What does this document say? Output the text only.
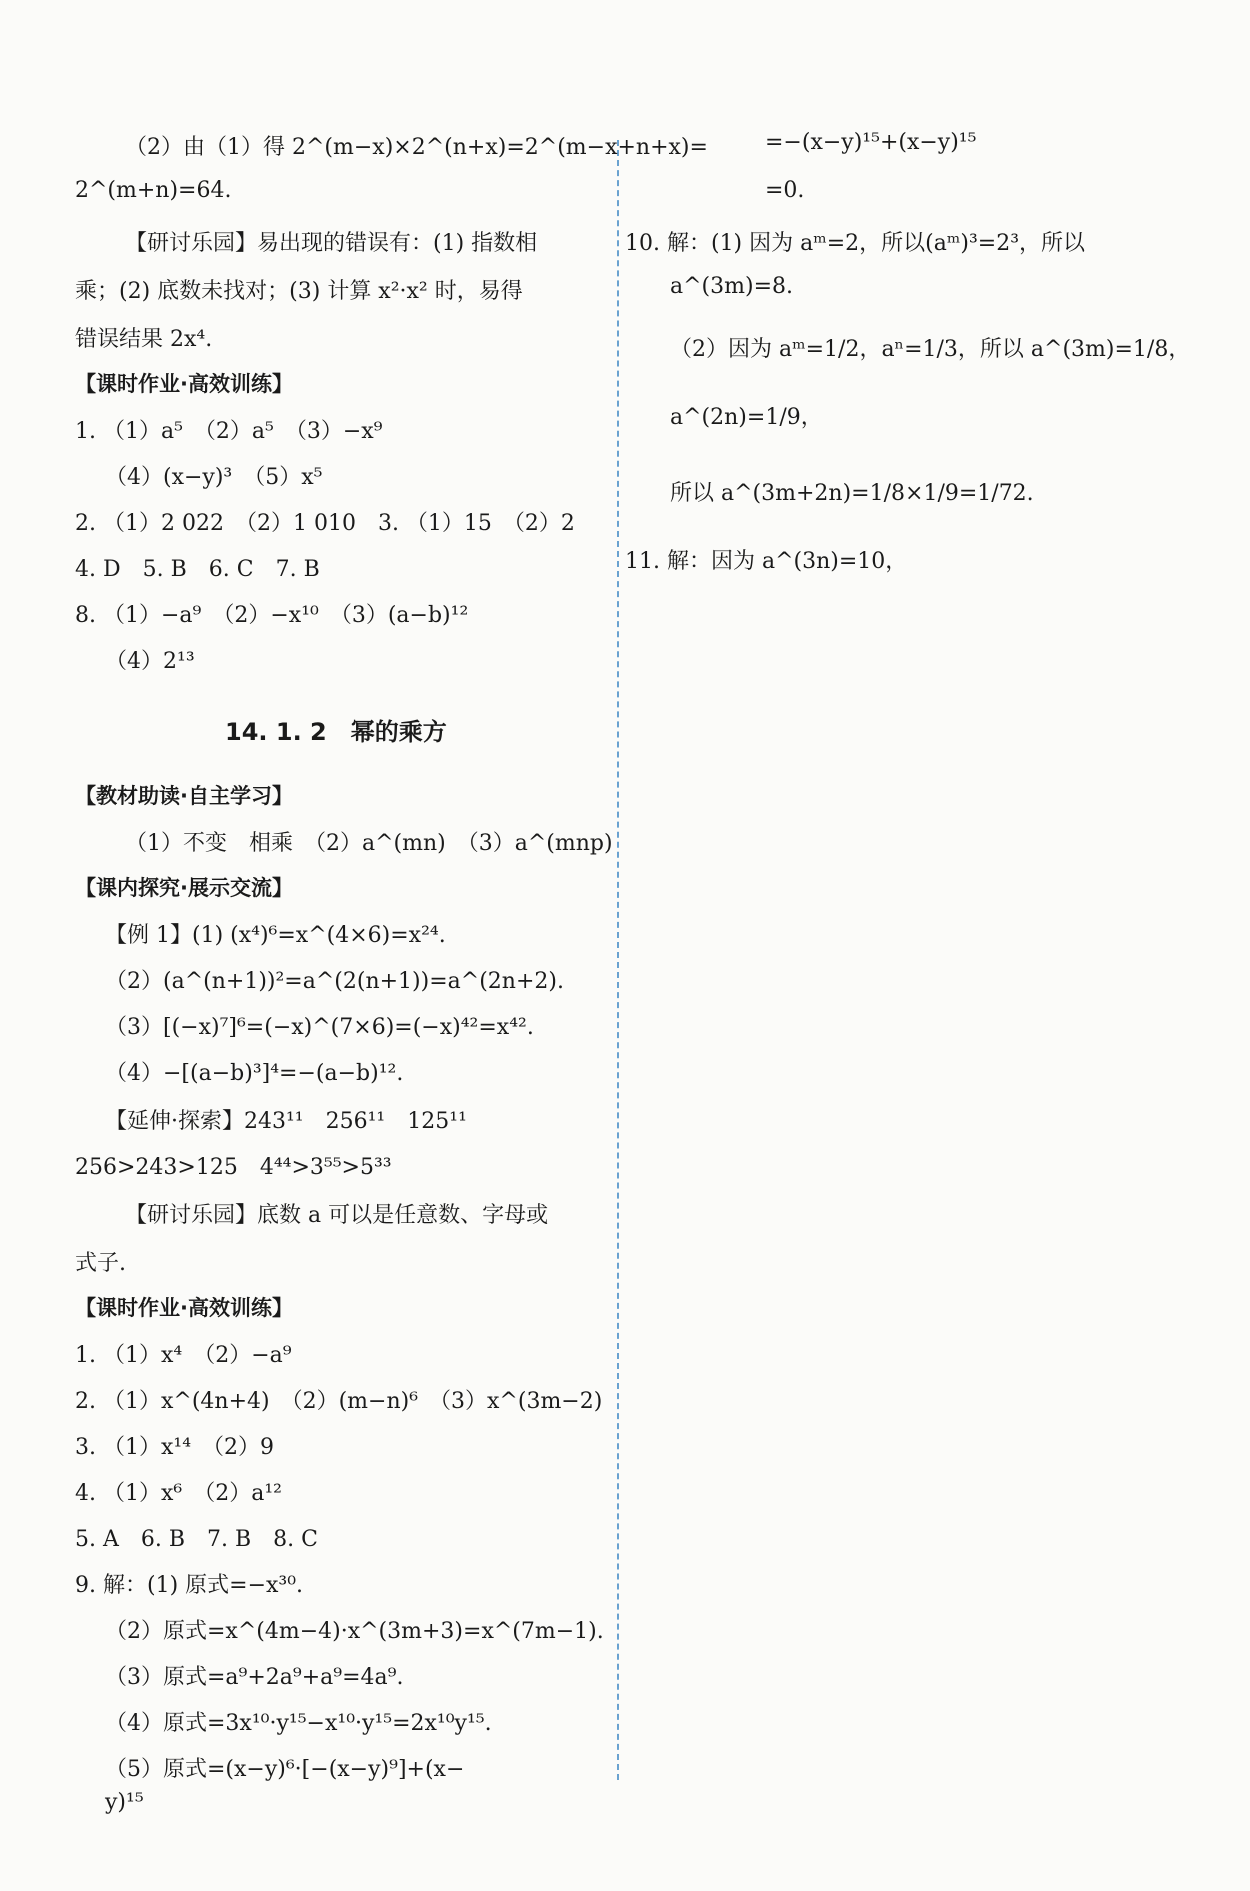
（2）由（1）得 2^(m−x)×2^(n+x)=2^(m−x+n+x)=
2^(m+n)=64.
【研讨乐园】易出现的错误有：(1) 指数相
乘；(2) 底数未找对；(3) 计算 x²·x² 时，易得
错误结果 2x⁴.
【课时作业·高效训练】
1. （1）a⁵　（2）a⁵　（3）−x⁹
（4）(x−y)³　（5）x⁵
2. （1）2 022　（2）1 010　3. （1）15　（2）2
4. D　5. B　6. C　7. B
8. （1）−a⁹　（2）−x¹⁰　（3）(a−b)¹²
（4）2¹³
14. 1. 2　幂的乘方
【教材助读·自主学习】
（1）不变　相乘　（2）a^(mn)　（3）a^(mnp)
【课内探究·展示交流】
【例 1】(1) (x⁴)⁶=x^(4×6)=x²⁴.
（2）(a^(n+1))²=a^(2(n+1))=a^(2n+2).
（3）[(−x)⁷]⁶=(−x)^(7×6)=(−x)⁴²=x⁴².
（4）−[(a−b)³]⁴=−(a−b)¹².
【延伸·探索】243¹¹　256¹¹　125¹¹
256>243>125　4⁴⁴>3⁵⁵>5³³
【研讨乐园】底数 a 可以是任意数、字母或
式子.
【课时作业·高效训练】
1. （1）x⁴　（2）−a⁹
2. （1）x^(4n+4)　（2）(m−n)⁶　（3）x^(3m−2)
3. （1）x¹⁴　（2）9
4. （1）x⁶　（2）a¹²
5. A　6. B　7. B　8. C
9. 解：(1) 原式=−x³⁰.
（2）原式=x^(4m−4)·x^(3m+3)=x^(7m−1).
（3）原式=a⁹+2a⁹+a⁹=4a⁹.
（4）原式=3x¹⁰·y¹⁵−x¹⁰·y¹⁵=2x¹⁰y¹⁵.
（5）原式=(x−y)⁶·[−(x−y)⁹]+(x−
y)¹⁵
=−(x−y)¹⁵+(x−y)¹⁵
=0.
10. 解：(1) 因为 aᵐ=2，所以(aᵐ)³=2³，所以
a^(3m)=8.
（2）因为 aᵐ=1/2，aⁿ=1/3，所以 a^(3m)=1/8，
a^(2n)=1/9，
所以 a^(3m+2n)=1/8×1/9=1/72.
11. 解：因为 a^(3n)=10，
